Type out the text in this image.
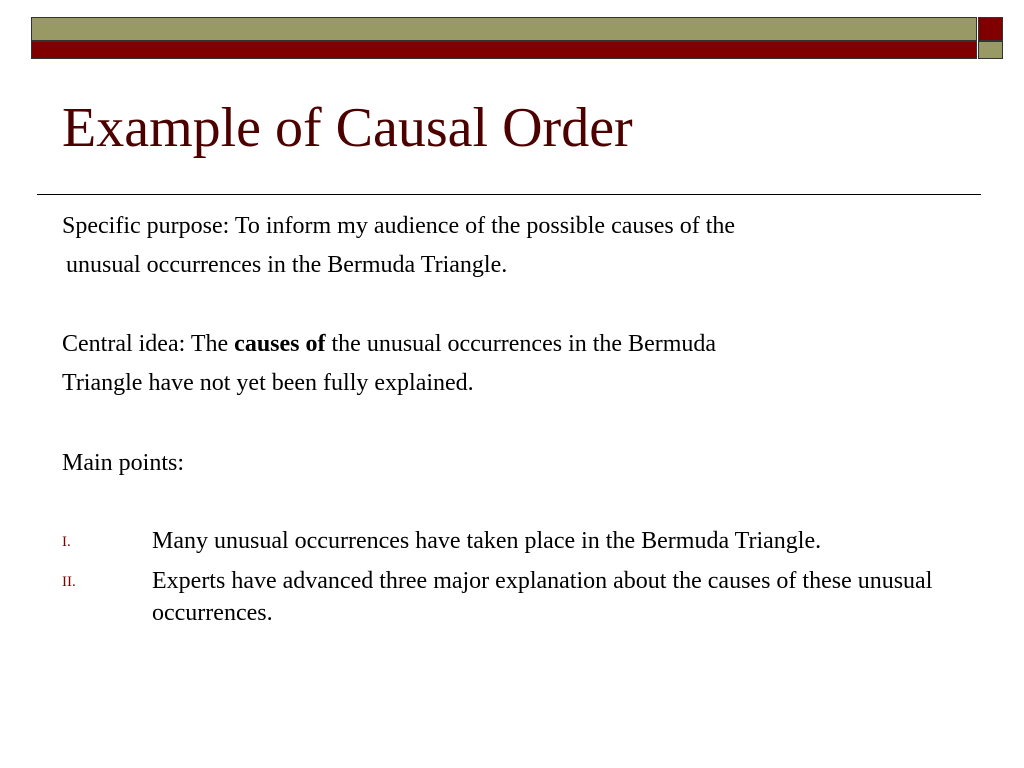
Example of Causal Order
Specific purpose: To inform my audience of the possible causes of the
unusual occurrences in the Bermuda Triangle.
Central idea: The causes of the unusual occurrences in the Bermuda
Triangle have not yet been fully explained.
Main points:
I.	Many unusual occurrences have taken place in the Bermuda Triangle.
II.	Experts have advanced three major explanation about the causes of these unusual occurrences.
